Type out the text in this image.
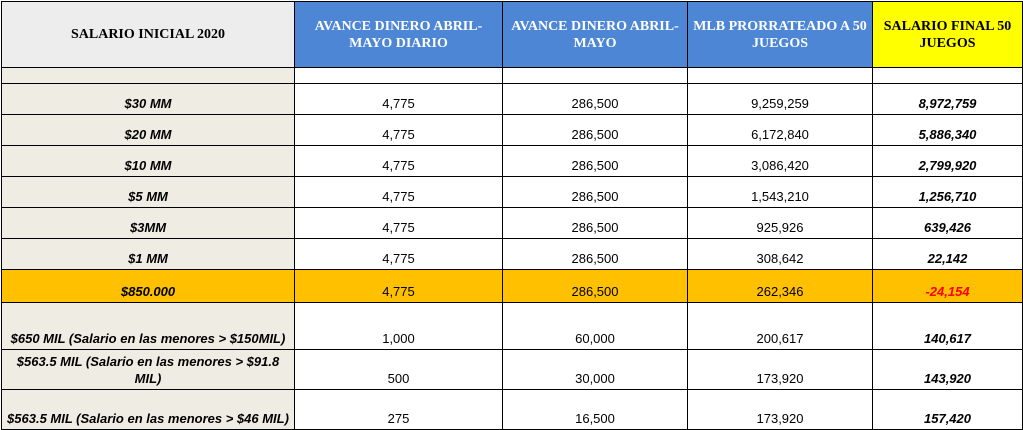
SALARIO INICIAL 2020	AVANCE DINERO ABRIL-MAYO DIARIO	AVANCE DINERO ABRIL-MAYO	MLB PRORRATEADO A 50 JUEGOS	SALARIO FINAL 50 JUEGOS

$30 MM	4,775	286,500	9,259,259	8,972,759
$20 MM	4,775	286,500	6,172,840	5,886,340
$10 MM	4,775	286,500	3,086,420	2,799,920
$5 MM	4,775	286,500	1,543,210	1,256,710
$3MM	4,775	286,500	925,926	639,426
$1 MM	4,775	286,500	308,642	22,142
$850.000	4,775	286,500	262,346	-24,154
$650 MIL (Salario en las menores > $150MIL)	1,000	60,000	200,617	140,617
$563.5 MIL (Salario en las menores > $91.8 MIL)	500	30,000	173,920	143,920
$563.5 MIL (Salario en las menores > $46 MIL)	275	16,500	173,920	157,420
